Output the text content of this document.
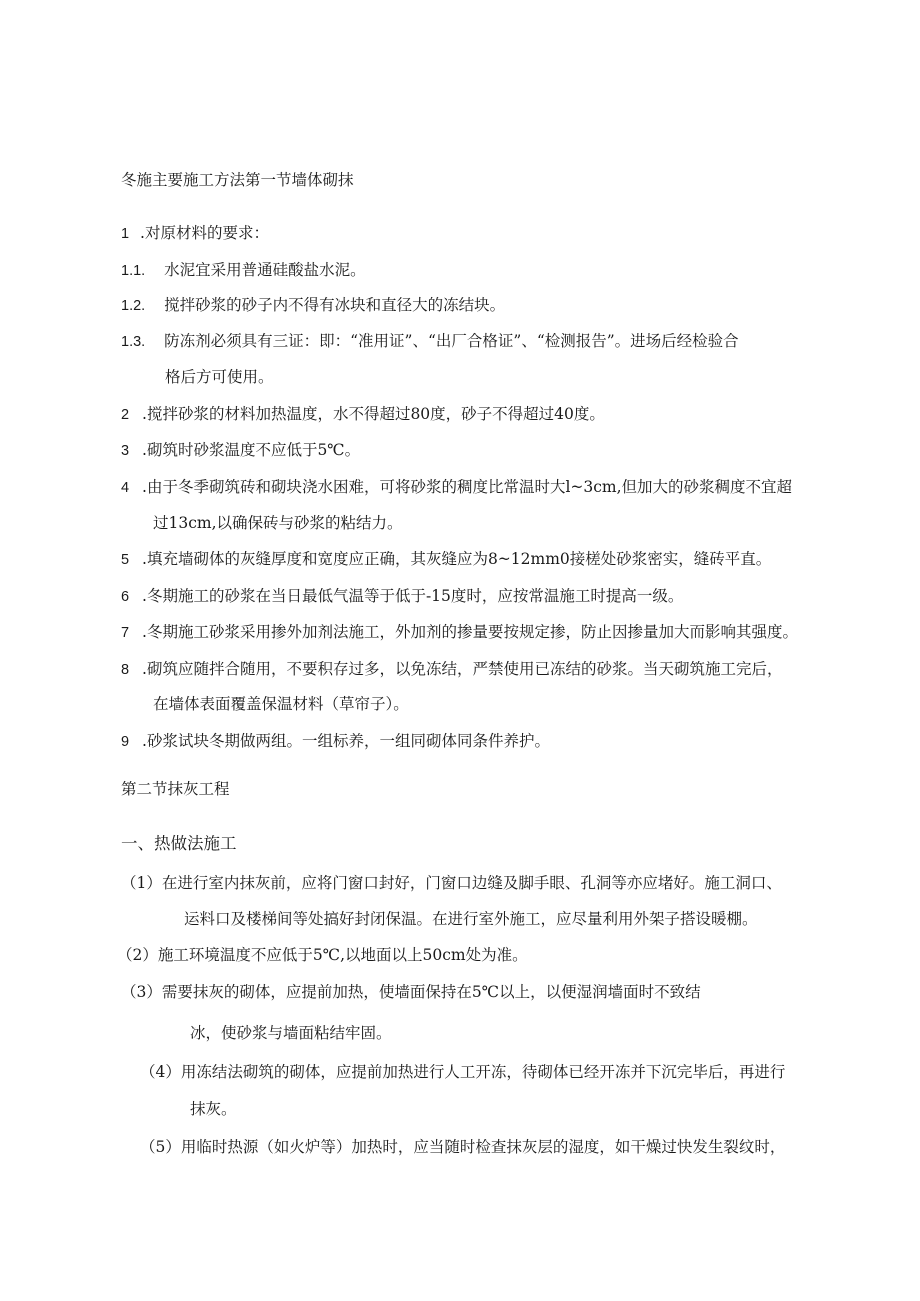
冬施主要施工方法第一节墙体砌抹
1 .对原材料的要求：
1.1. 水泥宜采用普通硅酸盐水泥。
1.2. 搅拌砂浆的砂子内不得有冰块和直径大的冻结块。
1.3. 防冻剂必须具有三证：即：“准用证”、“出厂合格证”、“检测报告”。进场后经检验合
格后方可使用。
2 .搅拌砂浆的材料加热温度，水不得超过80度，砂子不得超过40度。
3 .砌筑时砂浆温度不应低于5℃。
4 .由于冬季砌筑砖和砌块浇水困难，可将砂浆的稠度比常温时大l~3cm,但加大的砂浆稠度不宜超
过13cm,以确保砖与砂浆的粘结力。
5 .填充墙砌体的灰缝厚度和宽度应正确，其灰缝应为8~12mm0接槎处砂浆密实，缝砖平直。
6 .冬期施工的砂浆在当日最低气温等于低于-15度时，应按常温施工时提高一级。
7 .冬期施工砂浆采用掺外加剂法施工，外加剂的掺量要按规定掺，防止因掺量加大而影响其强度。
8 .砌筑应随拌合随用，不要积存过多，以免冻结，严禁使用已冻结的砂浆。当天砌筑施工完后，
在墙体表面覆盖保温材料（草帘子）。
9 .砂浆试块冬期做两组。一组标养，一组同砌体同条件养护。
第二节抹灰工程
一、热做法施工
（1）在进行室内抹灰前，应将门窗口封好，门窗口边缝及脚手眼、孔洞等亦应堵好。施工洞口、
运料口及楼梯间等处搞好封闭保温。在进行室外施工，应尽量利用外架子搭设暖棚。
（2）施工环境温度不应低于5℃,以地面以上50cm处为准。
（3）需要抹灰的砌体，应提前加热，使墙面保持在5℃以上，以便湿润墙面时不致结
冰，使砂浆与墙面粘结牢固。
（4）用冻结法砌筑的砌体，应提前加热进行人工开冻，待砌体已经开冻并下沉完毕后，再进行
抹灰。
（5）用临时热源（如火炉等）加热时，应当随时检查抹灰层的湿度，如干燥过快发生裂纹时，
